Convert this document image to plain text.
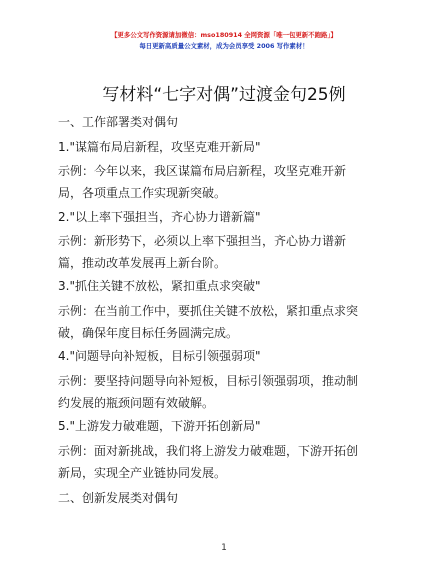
【更多公文写作资源请加微信：mso180914 全网资源「唯一包更新不跑路」】
每日更新高质量公文素材，成为会员享受 2006 写作素材！
写材料“七字对偶”过渡金句25例
一、工作部署类对偶句
1."谋篇布局启新程，攻坚克难开新局"
示例：今年以来，我区谋篇布局启新程，攻坚克难开新
局，各项重点工作实现新突破。
2."以上率下强担当，齐心协力谱新篇"
示例：新形势下，必须以上率下强担当，齐心协力谱新
篇，推动改革发展再上新台阶。
3."抓住关键不放松，紧扣重点求突破"
示例：在当前工作中，要抓住关键不放松，紧扣重点求突
破，确保年度目标任务圆满完成。
4."问题导向补短板，目标引领强弱项"
示例：要坚持问题导向补短板，目标引领强弱项，推动制
约发展的瓶颈问题有效破解。
5."上游发力破难题，下游开拓创新局"
示例：面对新挑战，我们将上游发力破难题，下游开拓创
新局，实现全产业链协同发展。
二、创新发展类对偶句
1
